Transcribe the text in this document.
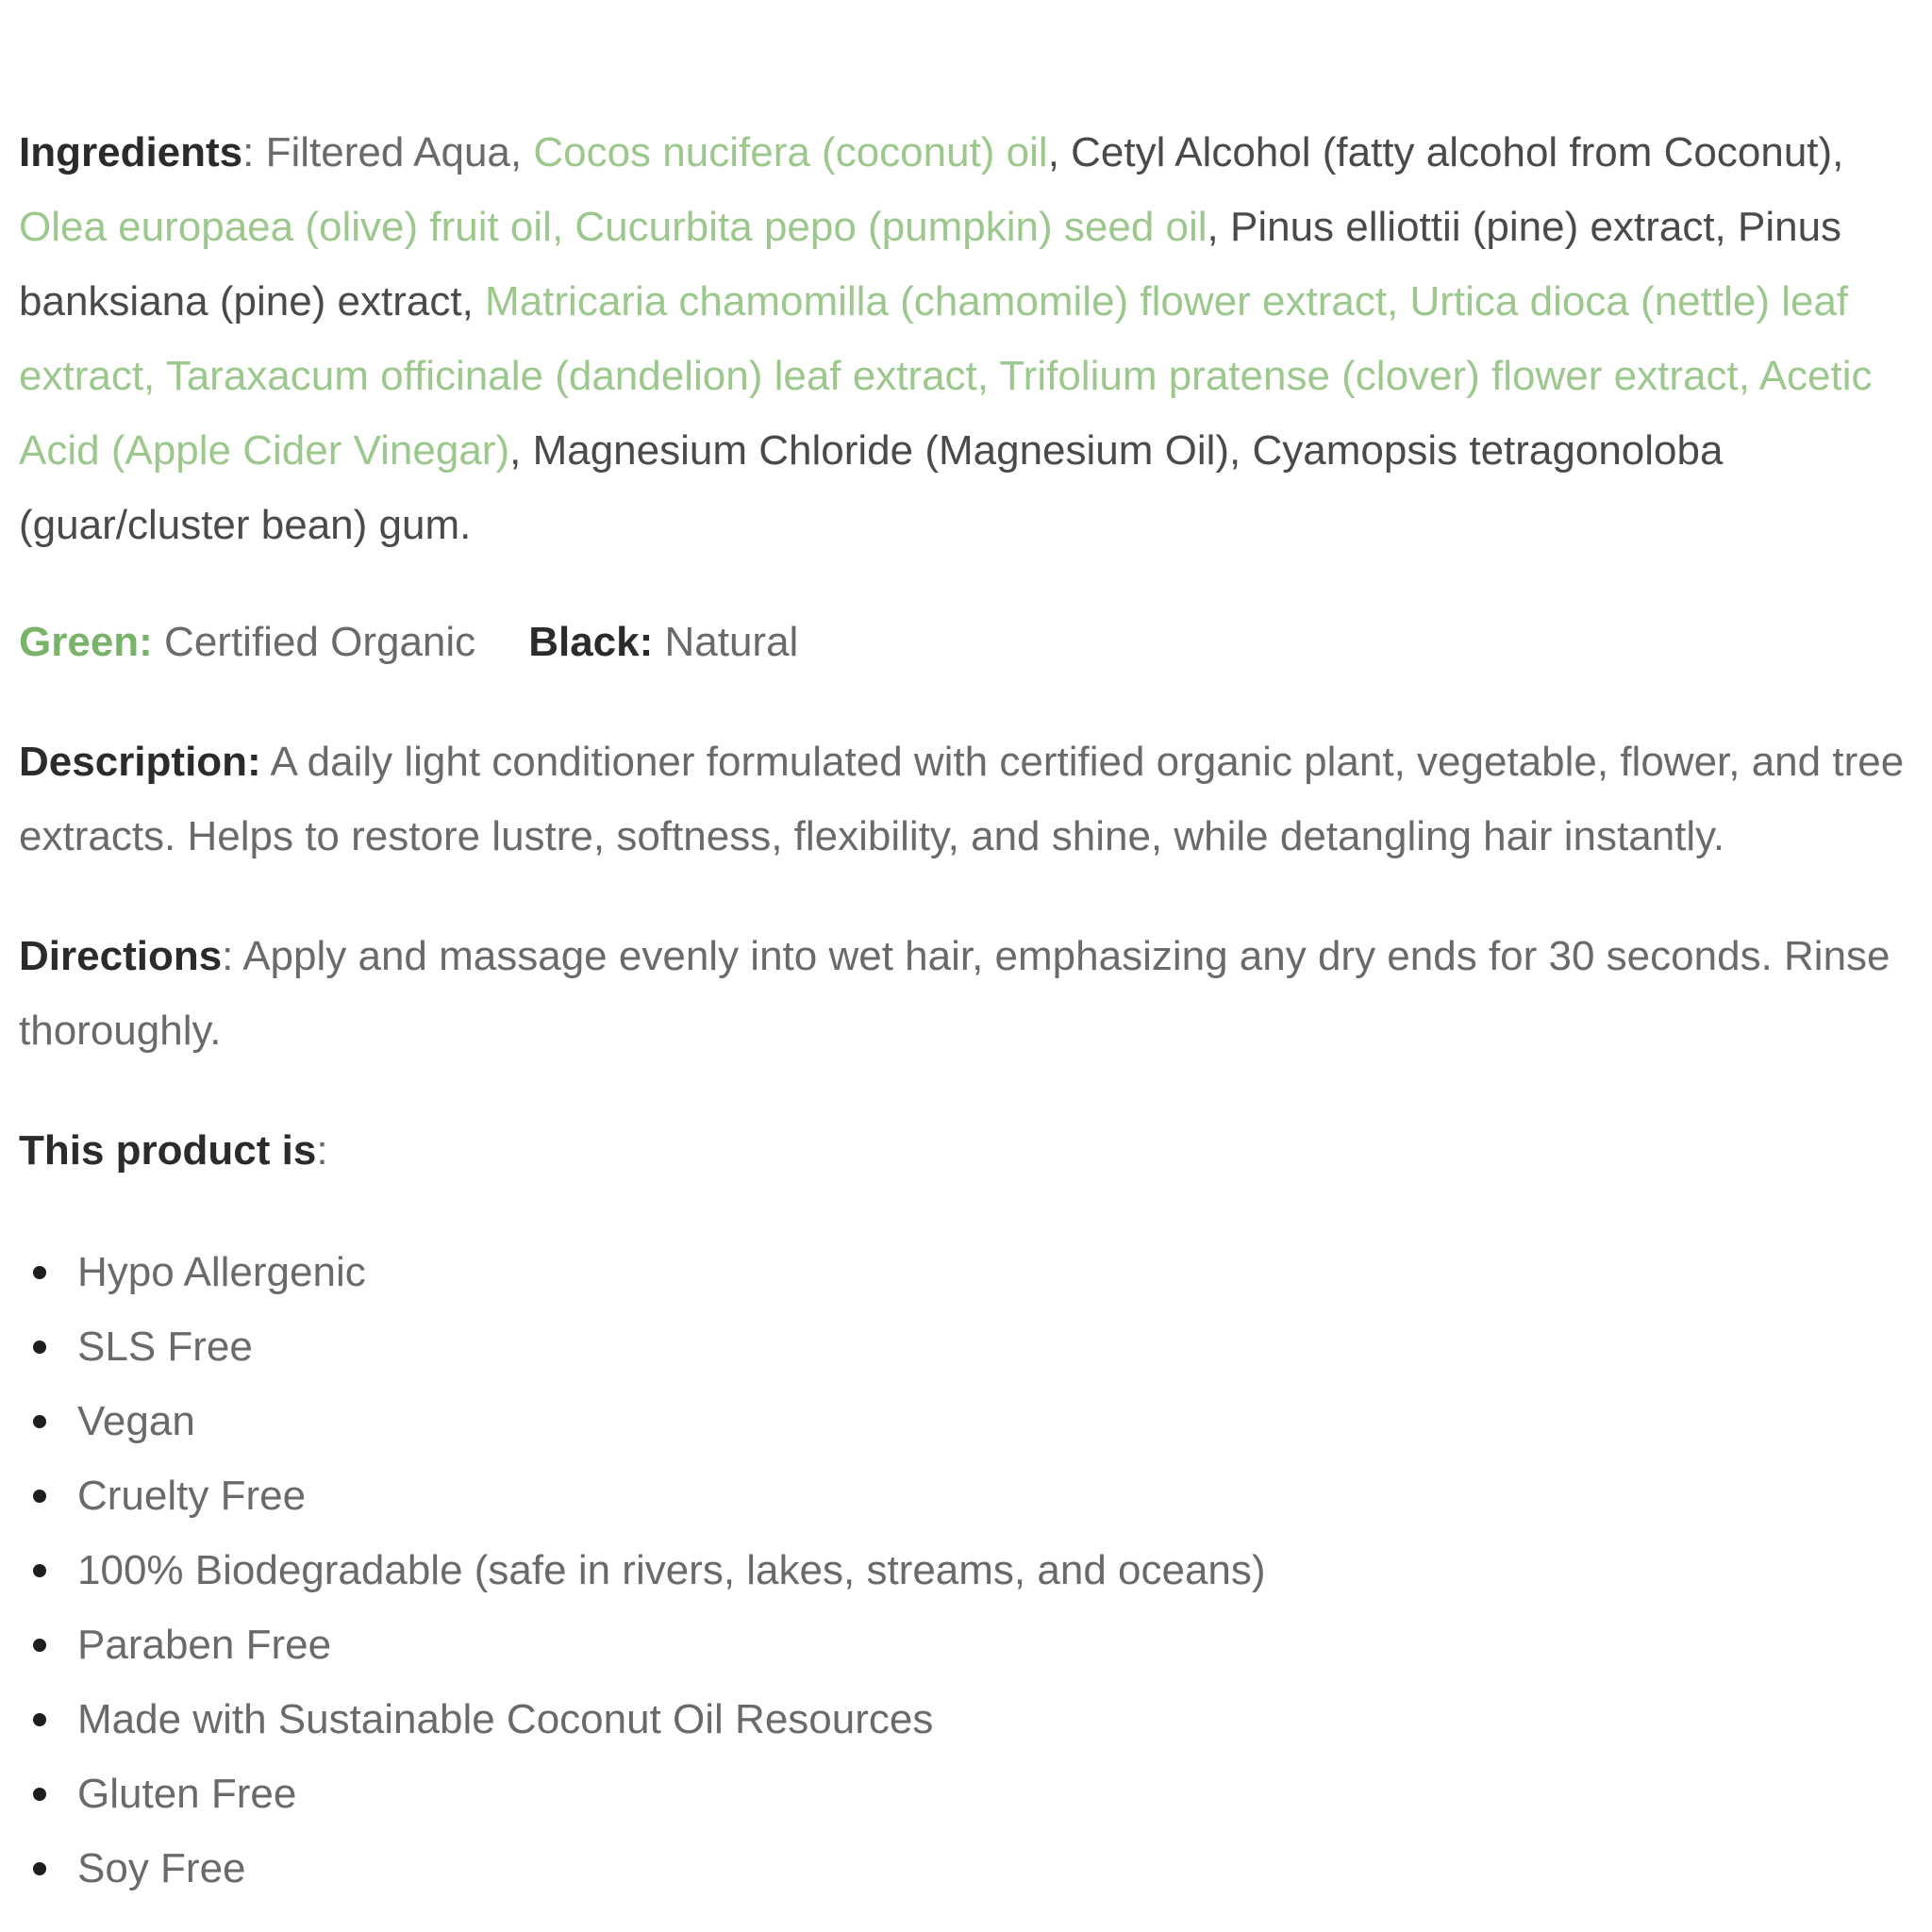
Ingredients: Filtered Aqua, Cocos nucifera (coconut) oil, Cetyl Alcohol (fatty alcohol from Coconut), Olea europaea (olive) fruit oil, Cucurbita pepo (pumpkin) seed oil, Pinus elliottii (pine) extract, Pinus banksiana (pine) extract, Matricaria chamomilla (chamomile) flower extract, Urtica dioca (nettle) leaf extract, Taraxacum officinale (dandelion) leaf extract, Trifolium pratense (clover) flower extract, Acetic Acid (Apple Cider Vinegar), Magnesium Chloride (Magnesium Oil), Cyamopsis tetragonoloba (guar/cluster bean) gum.

Green: Certified Organic Black: Natural

Description: A daily light conditioner formulated with certified organic plant, vegetable, flower, and tree extracts. Helps to restore lustre, softness, flexibility, and shine, while detangling hair instantly.

Directions: Apply and massage evenly into wet hair, emphasizing any dry ends for 30 seconds. Rinse thoroughly.

This product is:

Hypo Allergenic
SLS Free
Vegan
Cruelty Free
100% Biodegradable (safe in rivers, lakes, streams, and oceans)
Paraben Free
Made with Sustainable Coconut Oil Resources
Gluten Free
Soy Free
